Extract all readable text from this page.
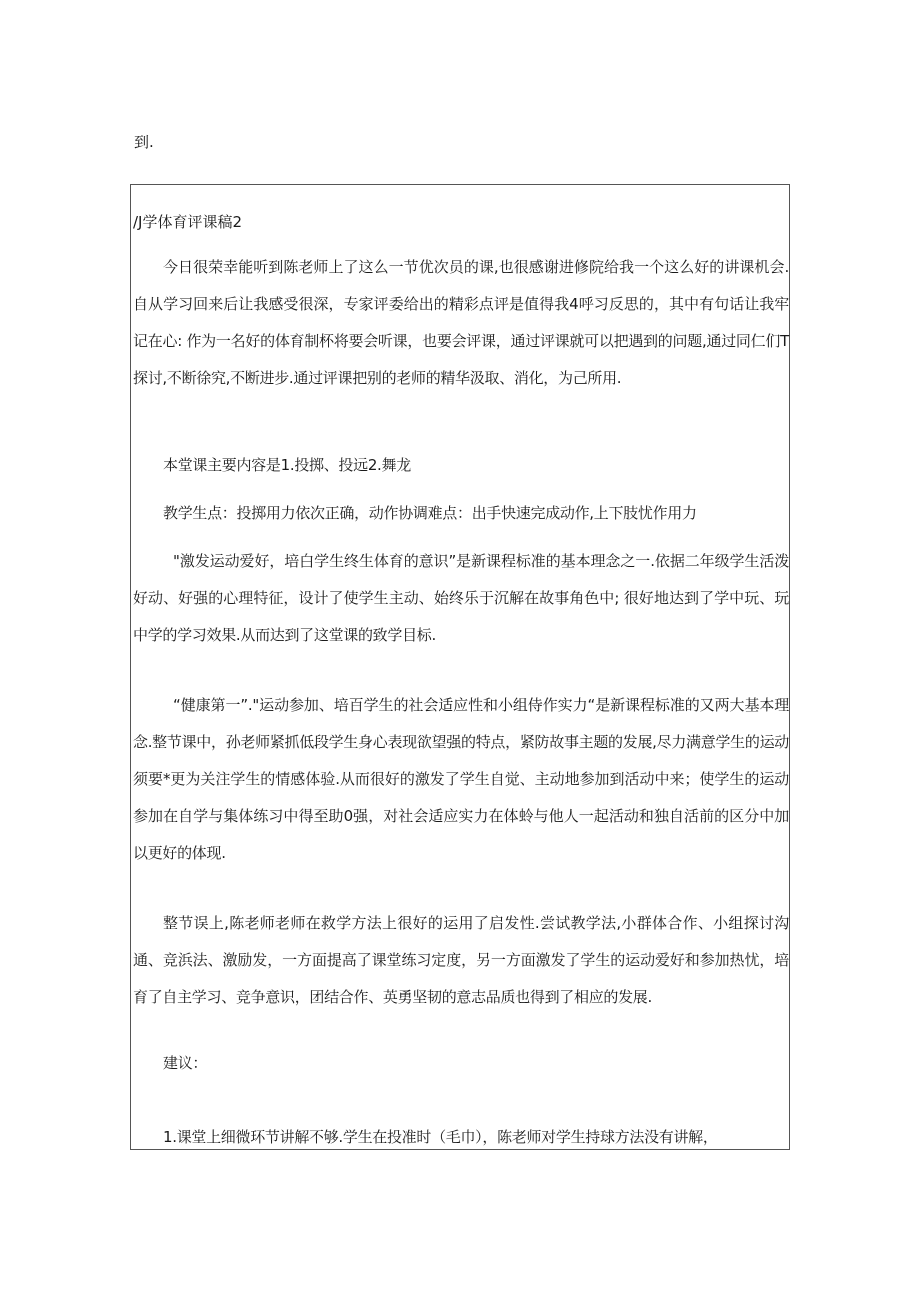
到.
/J学体育评课稿2

今日很荣幸能听到陈老师上了这么一节优次员的课,也很感谢进修院给我一个这么好的讲课机会.自从学习回来后让我感受很深，专家评委给出的精彩点评是值得我4呼习反思的，其中有句话让我牢记在心: 作为一名好的体育制杯将要会听课，也要会评课，通过评课就可以把遇到的问题,通过同仁们T探讨,不断徐究,不断进步.通过评课把别的老师的精华汲取、消化，为己所用.

本堂课主要内容是1.投掷、投远2.舞龙

教学生点：投掷用力依次正确，动作协调难点：出手快速完成动作,上下肢忧作用力

"激发运动爱好，培白学生终生体育的意识”是新课程标准的基本理念之一.依据二年级学生活泼好动、好强的心理特征，设计了使学生主动、始终乐于沉解在故事角色中; 很好地达到了学中玩、玩中学的学习效果.从而达到了这堂课的致学目标.

“健康第一”."运动参加、培百学生的社会适应性和小组侍作实力“是新课程标准的又两大基本理念.整节课中，孙老师紧抓低段学生身心表现欲望强的特点，紧防故事主题的发展,尽力满意学生的运动须要*更为关注学生的情感体验.从而很好的激发了学生自觉、主动地参加到活动中来；使学生的运动参加在自学与集体练习中得至助0强，对社会适应实力在体蛉与他人一起活动和独自活前的区分中加以更好的体现.

整节误上,陈老师老师在救学方法上很好的运用了启发性.尝试教学法,小群体合作、小组探讨沟通、竞浜法、激励发，一方面提高了课堂练习定度，另一方面激发了学生的运动爱好和参加热忧，培育了自主学习、竞争意识，团结合作、英勇坚韧的意志品质也得到了相应的发展.

建议：

1.课堂上细微环节讲解不够.学生在投准时（毛巾），陈老师对学生持球方法没有讲解，
